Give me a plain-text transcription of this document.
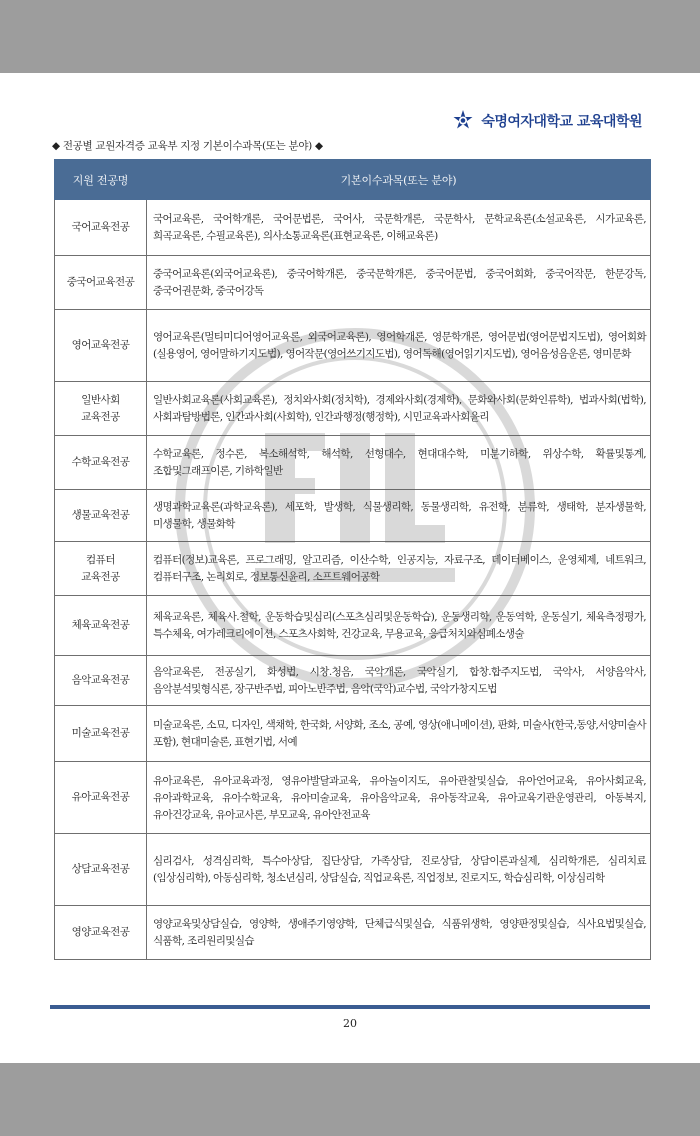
숙명여자대학교 교육대학원
◆ 전공별 교원자격증 교육부 지정 기본이수과목(또는 분야) ◆
지원 전공명	기본이수과목(또는 분야)
국어교육전공	국어교육론, 국어학개론, 국어문법론, 국어사, 국문학개론, 국문학사, 문학교육론(소설교육론, 시가교육론, 희곡교육론, 수필교육론), 의사소통교육론(표현교육론, 이해교육론)
중국어교육전공	중국어교육론(외국어교육론), 중국어학개론, 중국문학개론, 중국어문법, 중국어회화, 중국어작문, 한문강독, 중국어권문화, 중국어강독
영어교육전공	영어교육론(멀티미디어영어교육론, 외국어교육론), 영어학개론, 영문학개론, 영어문법(영어문법지도법), 영어회화(실용영어, 영어말하기지도법), 영어작문(영어쓰기지도법), 영어독해(영어읽기지도법), 영어음성음운론, 영미문화
일반사회
교육전공	일반사회교육론(사회교육론), 정치와사회(정치학), 경제와사회(경제학), 문화와사회(문화인류학), 법과사회(법학), 사회과탐방법론, 인간과사회(사회학), 인간과행정(행정학), 시민교육과사회윤리
수학교육전공	수학교육론, 정수론, 복소해석학, 해석학, 선형대수, 현대대수학, 미분기하학, 위상수학, 확률및통계, 조합및그래프이론, 기하학일반
생물교육전공	생명과학교육론(과학교육론), 세포학, 발생학, 식물생리학, 동물생리학, 유전학, 분류학, 생태학, 분자생물학, 미생물학, 생물화학
컴퓨터
교육전공	컴퓨터(정보)교육론, 프로그래밍, 알고리즘, 이산수학, 인공지능, 자료구조, 데이터베이스, 운영체제, 네트워크, 컴퓨터구조, 논리회로, 정보통신윤리, 소프트웨어공학
체육교육전공	체육교육론, 체육사.철학, 운동학습및심리(스포츠심리및운동학습), 운동생리학, 운동역학, 운동실기, 체육측정평가, 특수체육, 여가레크리에이션, 스포츠사회학, 건강교육, 무용교육, 응급처치와심폐소생술
음악교육전공	음악교육론, 전공실기, 화성법, 시창.청음, 국악개론, 국악실기, 합창.합주지도법, 국악사, 서양음악사, 음악분석및형식론, 장구반주법, 피아노반주법, 음악(국악)교수법, 국악가창지도법
미술교육전공	미술교육론, 소묘, 디자인, 색채학, 한국화, 서양화, 조소, 공예, 영상(애니메이션), 판화, 미술사(한국,동양,서양미술사 포함), 현대미술론, 표현기법, 서예
유아교육전공	유아교육론, 유아교육과정, 영유아발달과교육, 유아놀이지도, 유아관찰및실습, 유아언어교육, 유아사회교육, 유아과학교육, 유아수학교육, 유아미술교육, 유아음악교육, 유아동작교육, 유아교육기관운영관리, 아동복지, 유아건강교육, 유아교사론, 부모교육, 유아안전교육
상담교육전공	심리검사, 성격심리학, 특수아상담, 집단상담, 가족상담, 진로상담, 상담이론과실제, 심리학개론, 심리치료(임상심리학), 아동심리학, 청소년심리, 상담실습, 직업교육론, 직업정보, 진로지도, 학습심리학, 이상심리학
영양교육전공	영양교육및상담실습, 영양학, 생애주기영양학, 단체급식및실습, 식품위생학, 영양판정및실습, 식사요법및실습, 식품학, 조리원리및실습
20
